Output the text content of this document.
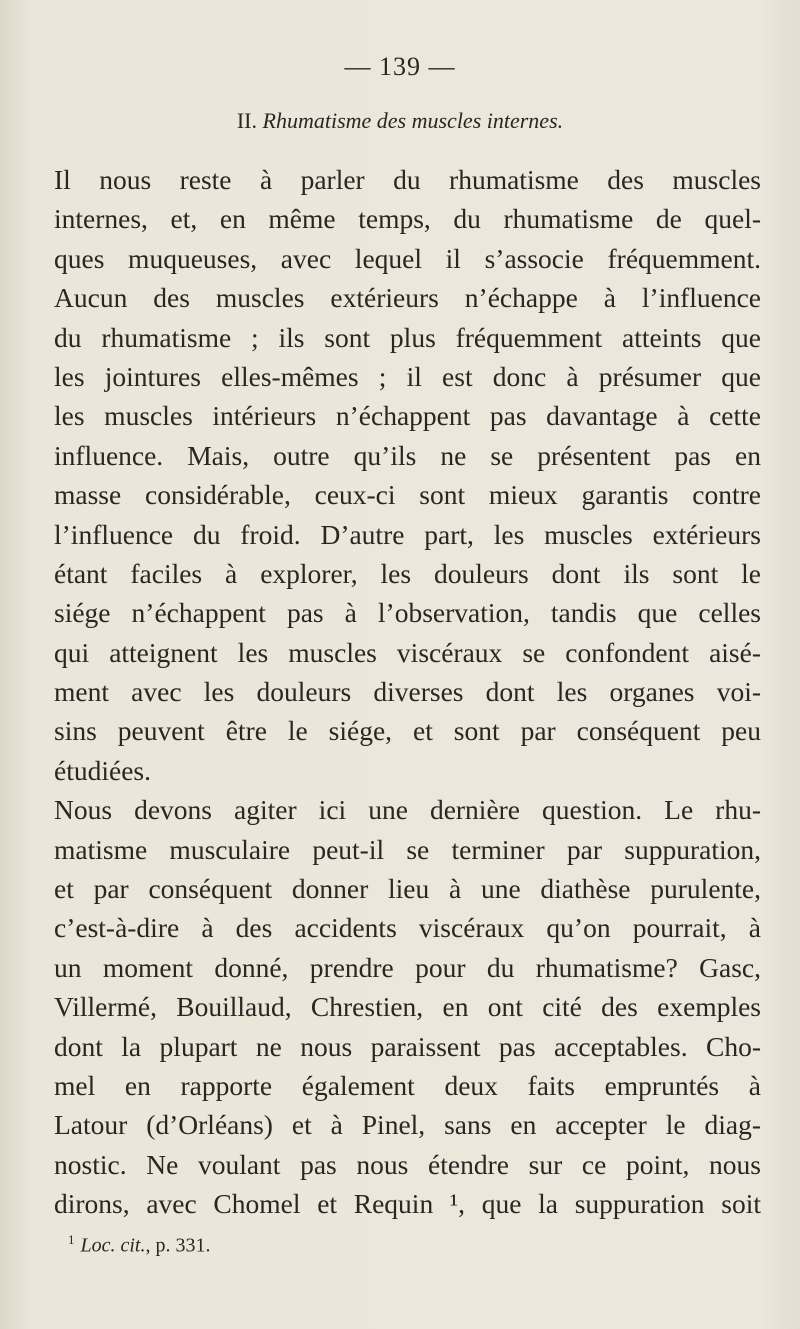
— 139 —
II. Rhumatisme des muscles internes.
Il nous reste à parler du rhumatisme des muscles
internes, et, en même temps, du rhumatisme de quel-
ques muqueuses, avec lequel il s’associe fréquemment.
Aucun des muscles extérieurs n’échappe à l’influence
du rhumatisme ; ils sont plus fréquemment atteints que
les jointures elles-mêmes ; il est donc à présumer que
les muscles intérieurs n’échappent pas davantage à cette
influence. Mais, outre qu’ils ne se présentent pas en
masse considérable, ceux-ci sont mieux garantis contre
l’influence du froid. D’autre part, les muscles extérieurs
étant faciles à explorer, les douleurs dont ils sont le
siége n’échappent pas à l’observation, tandis que celles
qui atteignent les muscles viscéraux se confondent aisé-
ment avec les douleurs diverses dont les organes voi-
sins peuvent être le siége, et sont par conséquent peu
étudiées.
Nous devons agiter ici une dernière question. Le rhu-
matisme musculaire peut-il se terminer par suppuration,
et par conséquent donner lieu à une diathèse purulente,
c’est-à-dire à des accidents viscéraux qu’on pourrait, à
un moment donné, prendre pour du rhumatisme? Gasc,
Villermé, Bouillaud, Chrestien, en ont cité des exemples
dont la plupart ne nous paraissent pas acceptables. Cho-
mel en rapporte également deux faits empruntés à
Latour (d’Orléans) et à Pinel, sans en accepter le diag-
nostic. Ne voulant pas nous étendre sur ce point, nous
dirons, avec Chomel et Requin ¹, que la suppuration soit
$^1$ Loc. cit., p. 331.
